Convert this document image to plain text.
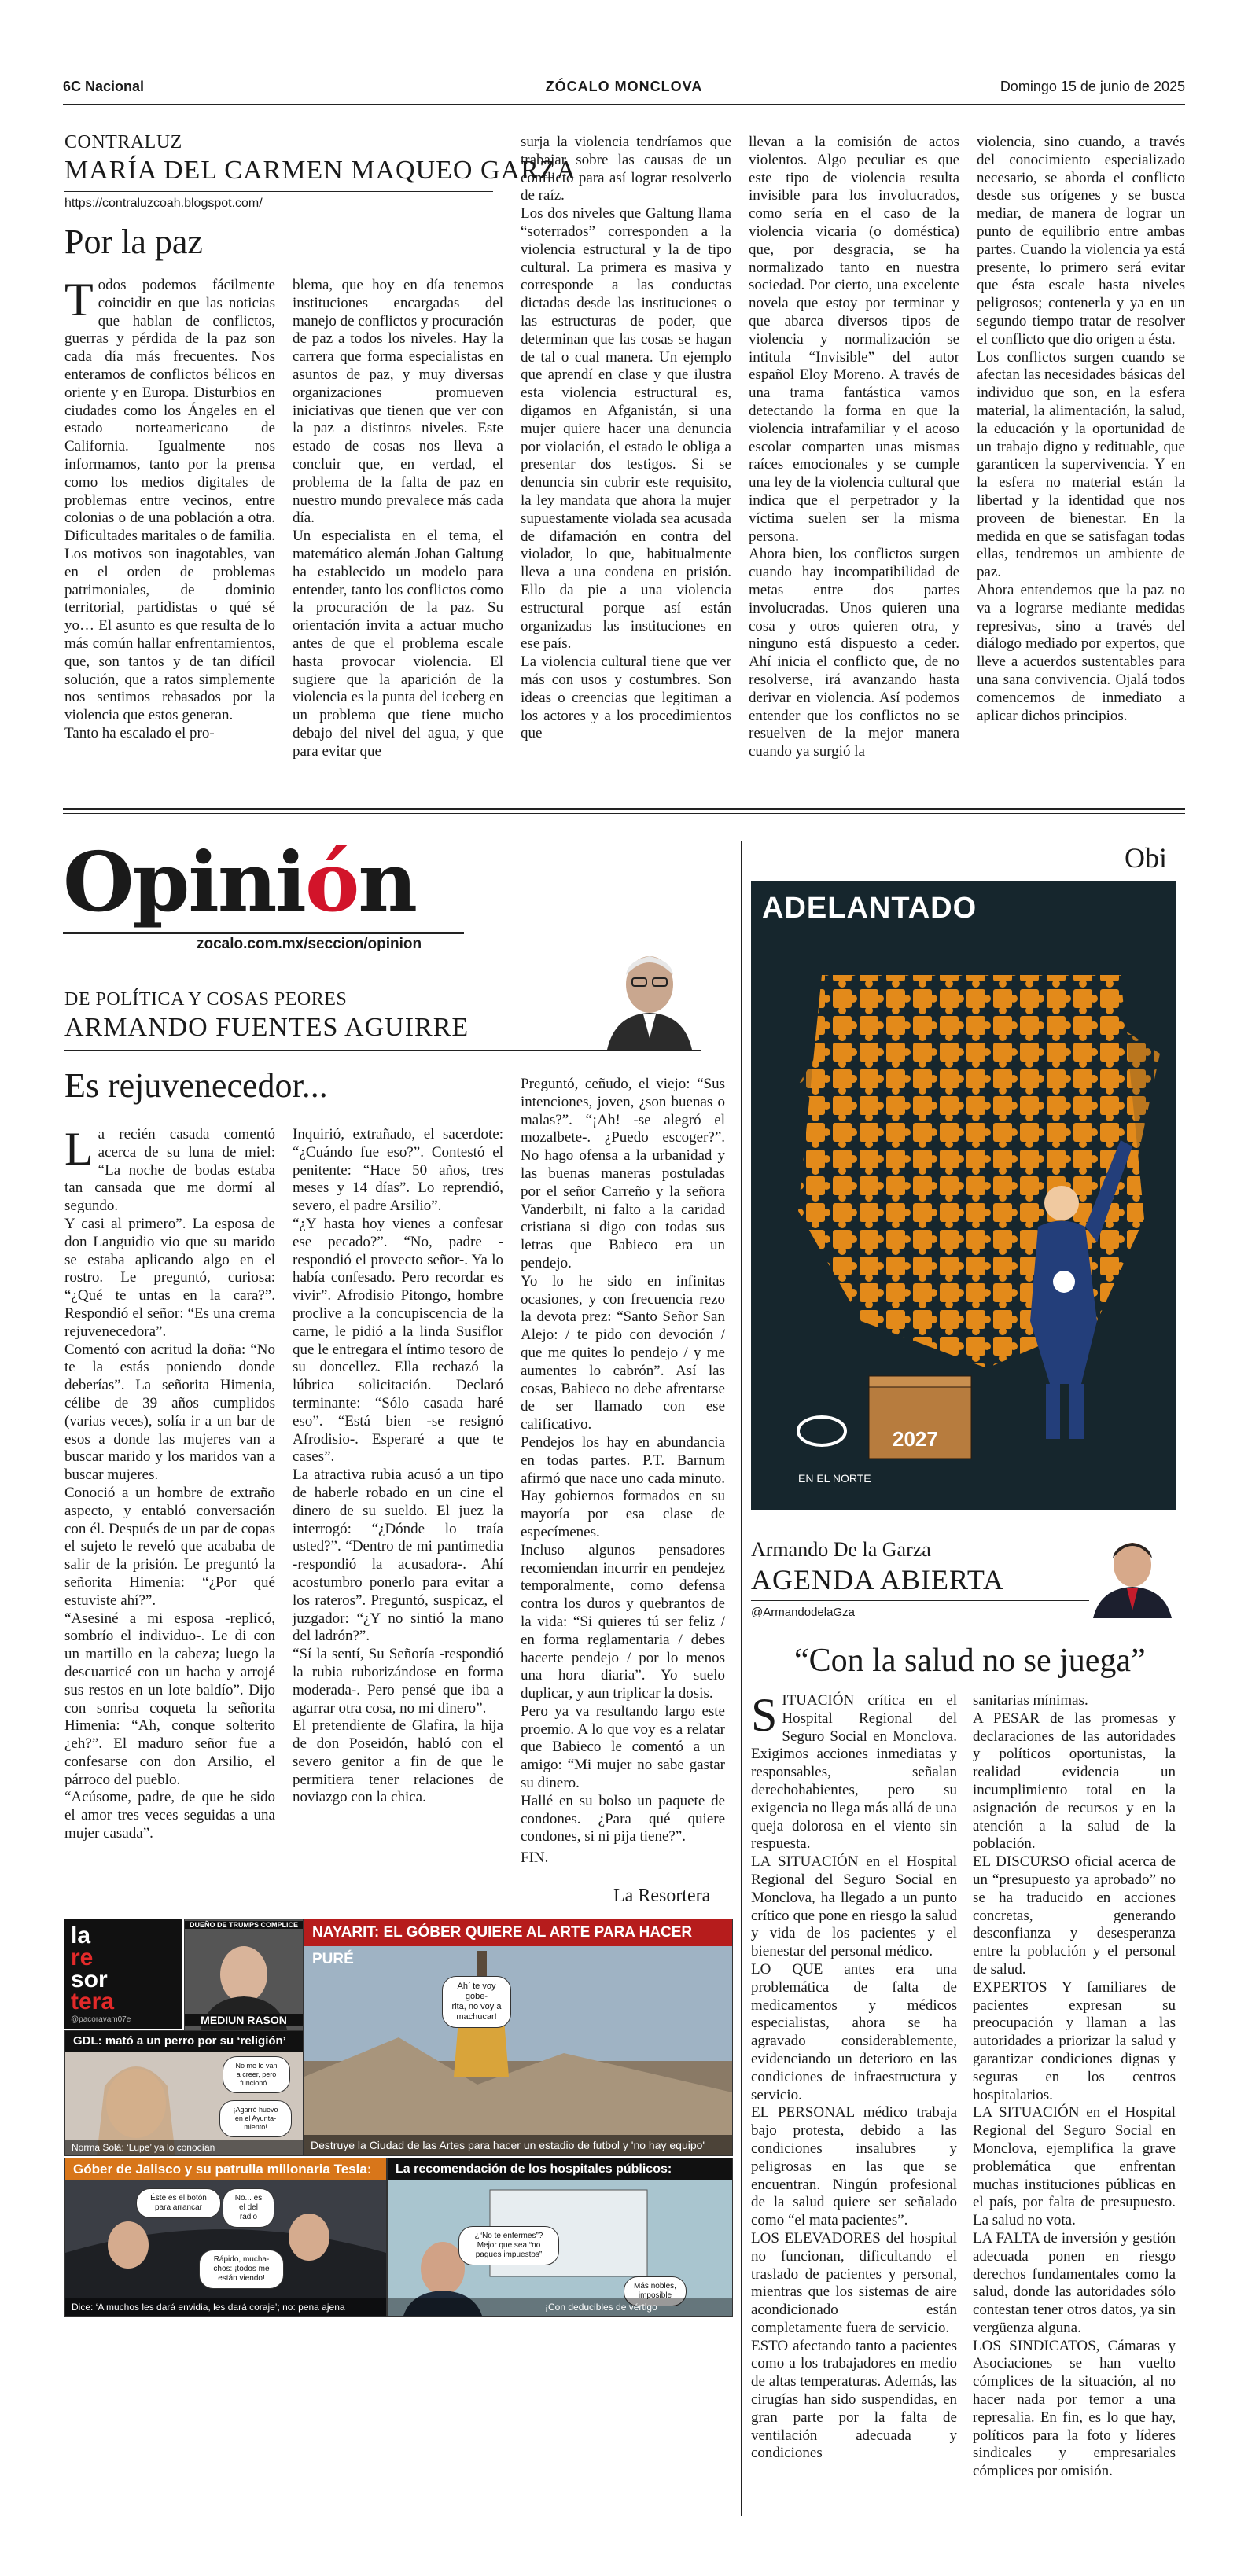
6C Nacional	ZÓCALO MONCLOVA	Domingo 15 de junio de 2025
CONTRALUZ
MARÍA DEL CARMEN MAQUEO GARZA
https://contraluzcoah.blogspot.com/
Por la paz
Todos podemos fácilmente coincidir en que las noticias que hablan de conflictos, guerras y pérdida de la paz son cada día más frecuentes. Nos enteramos de conflictos bélicos en oriente y en Europa. Disturbios en ciudades como los Ángeles en el estado norteamericano de California. Igualmente nos informamos, tanto por la prensa como los medios digitales de problemas entre vecinos, entre colonias o de una población a otra. Dificultades maritales o de familia. Los motivos son inagotables, van en el orden de problemas patrimoniales, de dominio territorial, partidistas o qué sé yo… El asunto es que resulta de lo más común hallar enfrentamientos, que, son tantos y de tan difícil solución, que a ratos simplemente nos sentimos rebasados por la violencia que estos generan.
Tanto ha escalado el pro-
blema, que hoy en día tenemos instituciones encargadas del manejo de conflictos y procuración de paz a todos los niveles. Hay la carrera que forma especialistas en asuntos de paz, y muy diversas organizaciones promueven iniciativas que tienen que ver con la paz a distintos niveles. Este estado de cosas nos lleva a concluir que, en verdad, el problema de la falta de paz en nuestro mundo prevalece más cada día.
Un especialista en el tema, el matemático alemán Johan Galtung ha establecido un modelo para entender, tanto los conflictos como la procuración de la paz. Su orientación invita a actuar mucho antes de que el problema escale hasta provocar violencia. El sugiere que la aparición de la violencia es la punta del iceberg en un problema que tiene mucho debajo del nivel del agua, y que para evitar que
surja la violencia tendríamos que trabajar sobre las causas de un conflicto para así lograr resolverlo de raíz.
Los dos niveles que Galtung llama “soterrados” corresponden a la violencia estructural y la de tipo cultural. La primera es masiva y corresponde a las conductas dictadas desde las instituciones o las estructuras de poder, que determinan que las cosas se hagan de tal o cual manera. Un ejemplo que aprendí en clase y que ilustra esta violencia estructural es, digamos en Afganistán, si una mujer quiere hacer una denuncia por violación, el estado le obliga a presentar dos testigos. Si se denuncia sin cubrir este requisito, la ley mandata que ahora la mujer supuestamente violada sea acusada de difamación en contra del violador, lo que, habitualmente lleva a una condena en prisión. Ello da pie a una violencia estructural porque así están organizadas las instituciones en ese país.
La violencia cultural tiene que ver más con usos y costumbres. Son ideas o creencias que legitiman a los actores y a los procedimientos que
llevan a la comisión de actos violentos. Algo peculiar es que este tipo de violencia resulta invisible para los involucrados, como sería en el caso de la violencia vicaria (o doméstica) que, por desgracia, se ha normalizado tanto en nuestra sociedad. Por cierto, una excelente novela que estoy por terminar y que abarca diversos tipos de violencia y normalización se intitula “Invisible” del autor español Eloy Moreno. A través de una trama fantástica vamos detectando la forma en que la violencia intrafamiliar y el acoso escolar comparten unas mismas raíces emocionales y se cumple una ley de la violencia cultural que indica que el perpetrador y la víctima suelen ser la misma persona.
Ahora bien, los conflictos surgen cuando hay incompatibilidad de metas entre dos partes involucradas. Unos quieren una cosa y otros quieren otra, y ninguno está dispuesto a ceder. Ahí inicia el conflicto que, de no resolverse, irá avanzando hasta derivar en violencia. Así podemos entender que los conflictos no se resuelven de la mejor manera cuando ya surgió la
violencia, sino cuando, a través del conocimiento especializado necesario, se aborda el conflicto desde sus orígenes y se busca mediar, de manera de lograr un punto de equilibrio entre ambas partes. Cuando la violencia ya está presente, lo primero será evitar que ésta escale hasta niveles peligrosos; contenerla y ya en un segundo tiempo tratar de resolver el conflicto que dio origen a ésta.
Los conflictos surgen cuando se afectan las necesidades básicas del individuo que son, en la esfera material, la alimentación, la salud, la educación y la oportunidad de un trabajo digno y redituable, que garanticen la supervivencia. Y en la esfera no material están la libertad y la identidad que nos proveen de bienestar. En la medida en que se satisfagan todas ellas, tendremos un ambiente de paz.
Ahora entendemos que la paz no va a lograrse mediante medidas represivas, sino a través del diálogo mediado por expertos, que lleve a acuerdos sustentables para una sana convivencia. Ojalá todos comencemos de inmediato a aplicar dichos principios.
Opinión
zocalo.com.mx/seccion/opinion
DE POLÍTICA Y COSAS PEORES
ARMANDO FUENTES AGUIRRE
Es rejuvenecedor...
La recién casada comentó acerca de su luna de miel: “La noche de bodas estaba tan cansada que me dormí al segundo.
Y casi al primero”. La esposa de don Languidio vio que su marido se estaba aplicando algo en el rostro. Le preguntó, curiosa: “¿Qué te untas en la cara?”. Respondió el señor: “Es una crema rejuvenecedora”.
Comentó con acritud la doña: “No te la estás poniendo donde deberías”. La señorita Himenia, célibe de 39 años cumplidos (varias veces), solía ir a un bar de esos a donde las mujeres van a buscar marido y los maridos van a buscar mujeres.
Conoció a un hombre de extraño aspecto, y entabló conversación con él. Después de un par de copas el sujeto le reveló que acababa de salir de la prisión. Le preguntó la señorita Himenia: “¿Por qué estuviste ahí?”.
“Asesiné a mi esposa -replicó, sombrío el individuo-. Le di con un martillo en la cabeza; luego la descuarticé con un hacha y arrojé sus restos en un lote baldío”. Dijo con sonrisa coqueta la señorita Himenia: “Ah, conque solterito ¿eh?”. El maduro señor fue a confesarse con don Arsilio, el párroco del pueblo.
“Acúsome, padre, de que he sido el amor tres veces seguidas a una mujer casada”.
Inquirió, extrañado, el sacerdote: “¿Cuándo fue eso?”. Contestó el penitente: “Hace 50 años, tres meses y 14 días”. Lo reprendió, severo, el padre Arsilio”.
“¿Y hasta hoy vienes a confesar ese pecado?”. “No, padre -respondió el provecto señor-. Ya lo había confesado. Pero recordar es vivir”. Afrodisio Pitongo, hombre proclive a la concupiscencia de la carne, le pidió a la linda Susiflor que le entregara el íntimo tesoro de su doncellez. Ella rechazó la lúbrica solicitación. Declaró terminante: “Sólo casada haré eso”. “Está bien -se resignó Afrodisio-. Esperaré a que te cases”.
La atractiva rubia acusó a un tipo de haberle robado en un cine el dinero de su sueldo. El juez la interrogó: “¿Dónde lo traía usted?”. “Dentro de mi pantimedia -respondió la acusadora-. Ahí acostumbro ponerlo para evitar a los rateros”. Preguntó, suspicaz, el juzgador: “¿Y no sintió la mano del ladrón?”.
“Sí la sentí, Su Señoría -respondió la rubia ruborizándose en forma moderada-. Pero pensé que iba a agarrar otra cosa, no mi dinero”.
El pretendiente de Glafira, la hija de don Poseidón, habló con el severo genitor a fin de que le permitiera tener relaciones de noviazgo con la chica.
Preguntó, ceñudo, el viejo: “Sus intenciones, joven, ¿son buenas o malas?”. “¡Ah! -se alegró el mozalbete-. ¿Puedo escoger?”. No hago ofensa a la urbanidad y las buenas maneras postuladas por el señor Carreño y la señora Vanderbilt, ni falto a la caridad cristiana si digo con todas sus letras que Babieco era un pendejo.
Yo lo he sido en infinitas ocasiones, y con frecuencia rezo la devota prez: “Santo Señor San Alejo: / te pido con devoción / que me quites lo pendejo / y me aumentes lo cabrón”. Así las cosas, Babieco no debe afrentarse de ser llamado con ese calificativo.
Pendejos los hay en abundancia en todas partes. P.T. Barnum afirmó que nace uno cada minuto. Hay gobiernos formados en su mayoría por esa clase de especímenes.
Incluso algunos pensadores recomiendan incurrir en pendejez temporalmente, como defensa contra los duros y quebrantos de la vida: “Si quieres tú ser feliz / en forma reglamentaria / debes hacerte pendejo / por lo menos una hora diaria”. Yo suelo duplicar, y aun triplicar la dosis.
Pero ya va resultando largo este proemio. A lo que voy es a relatar que Babieco le comentó a un amigo: “Mi mujer no sabe gastar su dinero.
Hallé en su bolso un paquete de condones. ¿Para qué quiere condones, si ni pija tiene?”.
FIN.
Obi
ADELANTADO
2027
EN EL NORTE
Armando De la Garza
AGENDA ABIERTA
@ArmandodelaGza
“Con la salud no se juega”
SITUACIÓN crítica en el Hospital Regional del Seguro Social en Monclova. Exigimos acciones inmediatas y responsables, señalan derechohabientes, pero su exigencia no llega más allá de una queja dolorosa en el viento sin respuesta.
LA SITUACIÓN en el Hospital Regional del Seguro Social en Monclova, ha llegado a un punto crítico que pone en riesgo la salud y vida de los pacientes y el bienestar del personal médico.
LO QUE antes era una problemática de falta de medicamentos y médicos especialistas, ahora se ha agravado considerablemente, evidenciando un deterioro en las condiciones de infraestructura y servicio.
EL PERSONAL médico trabaja bajo protesta, debido a las condiciones insalubres y peligrosas en las que se encuentran. Ningún profesional de la salud quiere ser señalado como “el mata pacientes”.
LOS ELEVADORES del hospital no funcionan, dificultando el traslado de pacientes y personal, mientras que los sistemas de aire acondicionado están completamente fuera de servicio.
ESTO afectando tanto a pacientes como a los trabajadores en medio de altas temperaturas. Además, las cirugías han sido suspendidas, en gran parte por la falta de ventilación adecuada y condiciones
sanitarias mínimas.
A PESAR de las promesas y declaraciones de las autoridades y políticos oportunistas, la realidad evidencia un incumplimiento total en la asignación de recursos y en la atención a la salud de la población.
EL DISCURSO oficial acerca de un “presupuesto ya aprobado” no se ha traducido en acciones concretas, generando desconfianza y desesperanza entre la población y el personal de salud.
EXPERTOS Y familiares de pacientes expresan su preocupación y llaman a las autoridades a priorizar la salud y garantizar condiciones dignas y seguras en los centros hospitalarios.
LA SITUACIÓN en el Hospital Regional del Seguro Social en Monclova, ejemplifica la grave problemática que enfrentan muchas instituciones públicas en el país, por falta de presupuesto. La salud no vota.
LA FALTA de inversión y gestión adecuada ponen en riesgo derechos fundamentales como la salud, donde las autoridades sólo contestan tener otros datos, ya sin vergüenza alguna.
LOS SINDICATOS, Cámaras y Asociaciones se han vuelto cómplices de la situación, al no hacer nada por temor a una represalia. En fin, es lo que hay, políticos para la foto y líderes sindicales y empresariales cómplices por omisión.
La Resortera
la
re
sor
tera
@pacoravam07e
DUEÑO DE TRUMPS COMPLICE
MEDIUN RASON
NAYARIT: EL GÓBER QUIERE AL ARTE PARA HACER PURÉ
Ahí te voy gobe-
rita, no voy a
machucar!
Destruye la Ciudad de las Artes para hacer un estadio de futbol y 'no hay equipo'
GDL: mató a un perro por su ‘religión’
No me lo van
a creer, pero
funcionó...
¡Agarré huevo
en el Ayunta-
miento!
Norma Solá: ‘Lupe’ ya lo conocían
Góber de Jalisco y su patrulla millonaria Tesla:
Éste es el botón
para arrancar
No... es
el del
radio
Rápido, mucha-
chos: ¡todos me
están viendo!
Dice: ‘A muchos les dará envidia, les dará coraje’; no: pena ajena
La recomendación de los hospitales públicos:
¿“No te enfermes”?
Mejor que sea “no
pagues impuestos”
Más nobles,
imposible
¡Con deducibles de vértigo
